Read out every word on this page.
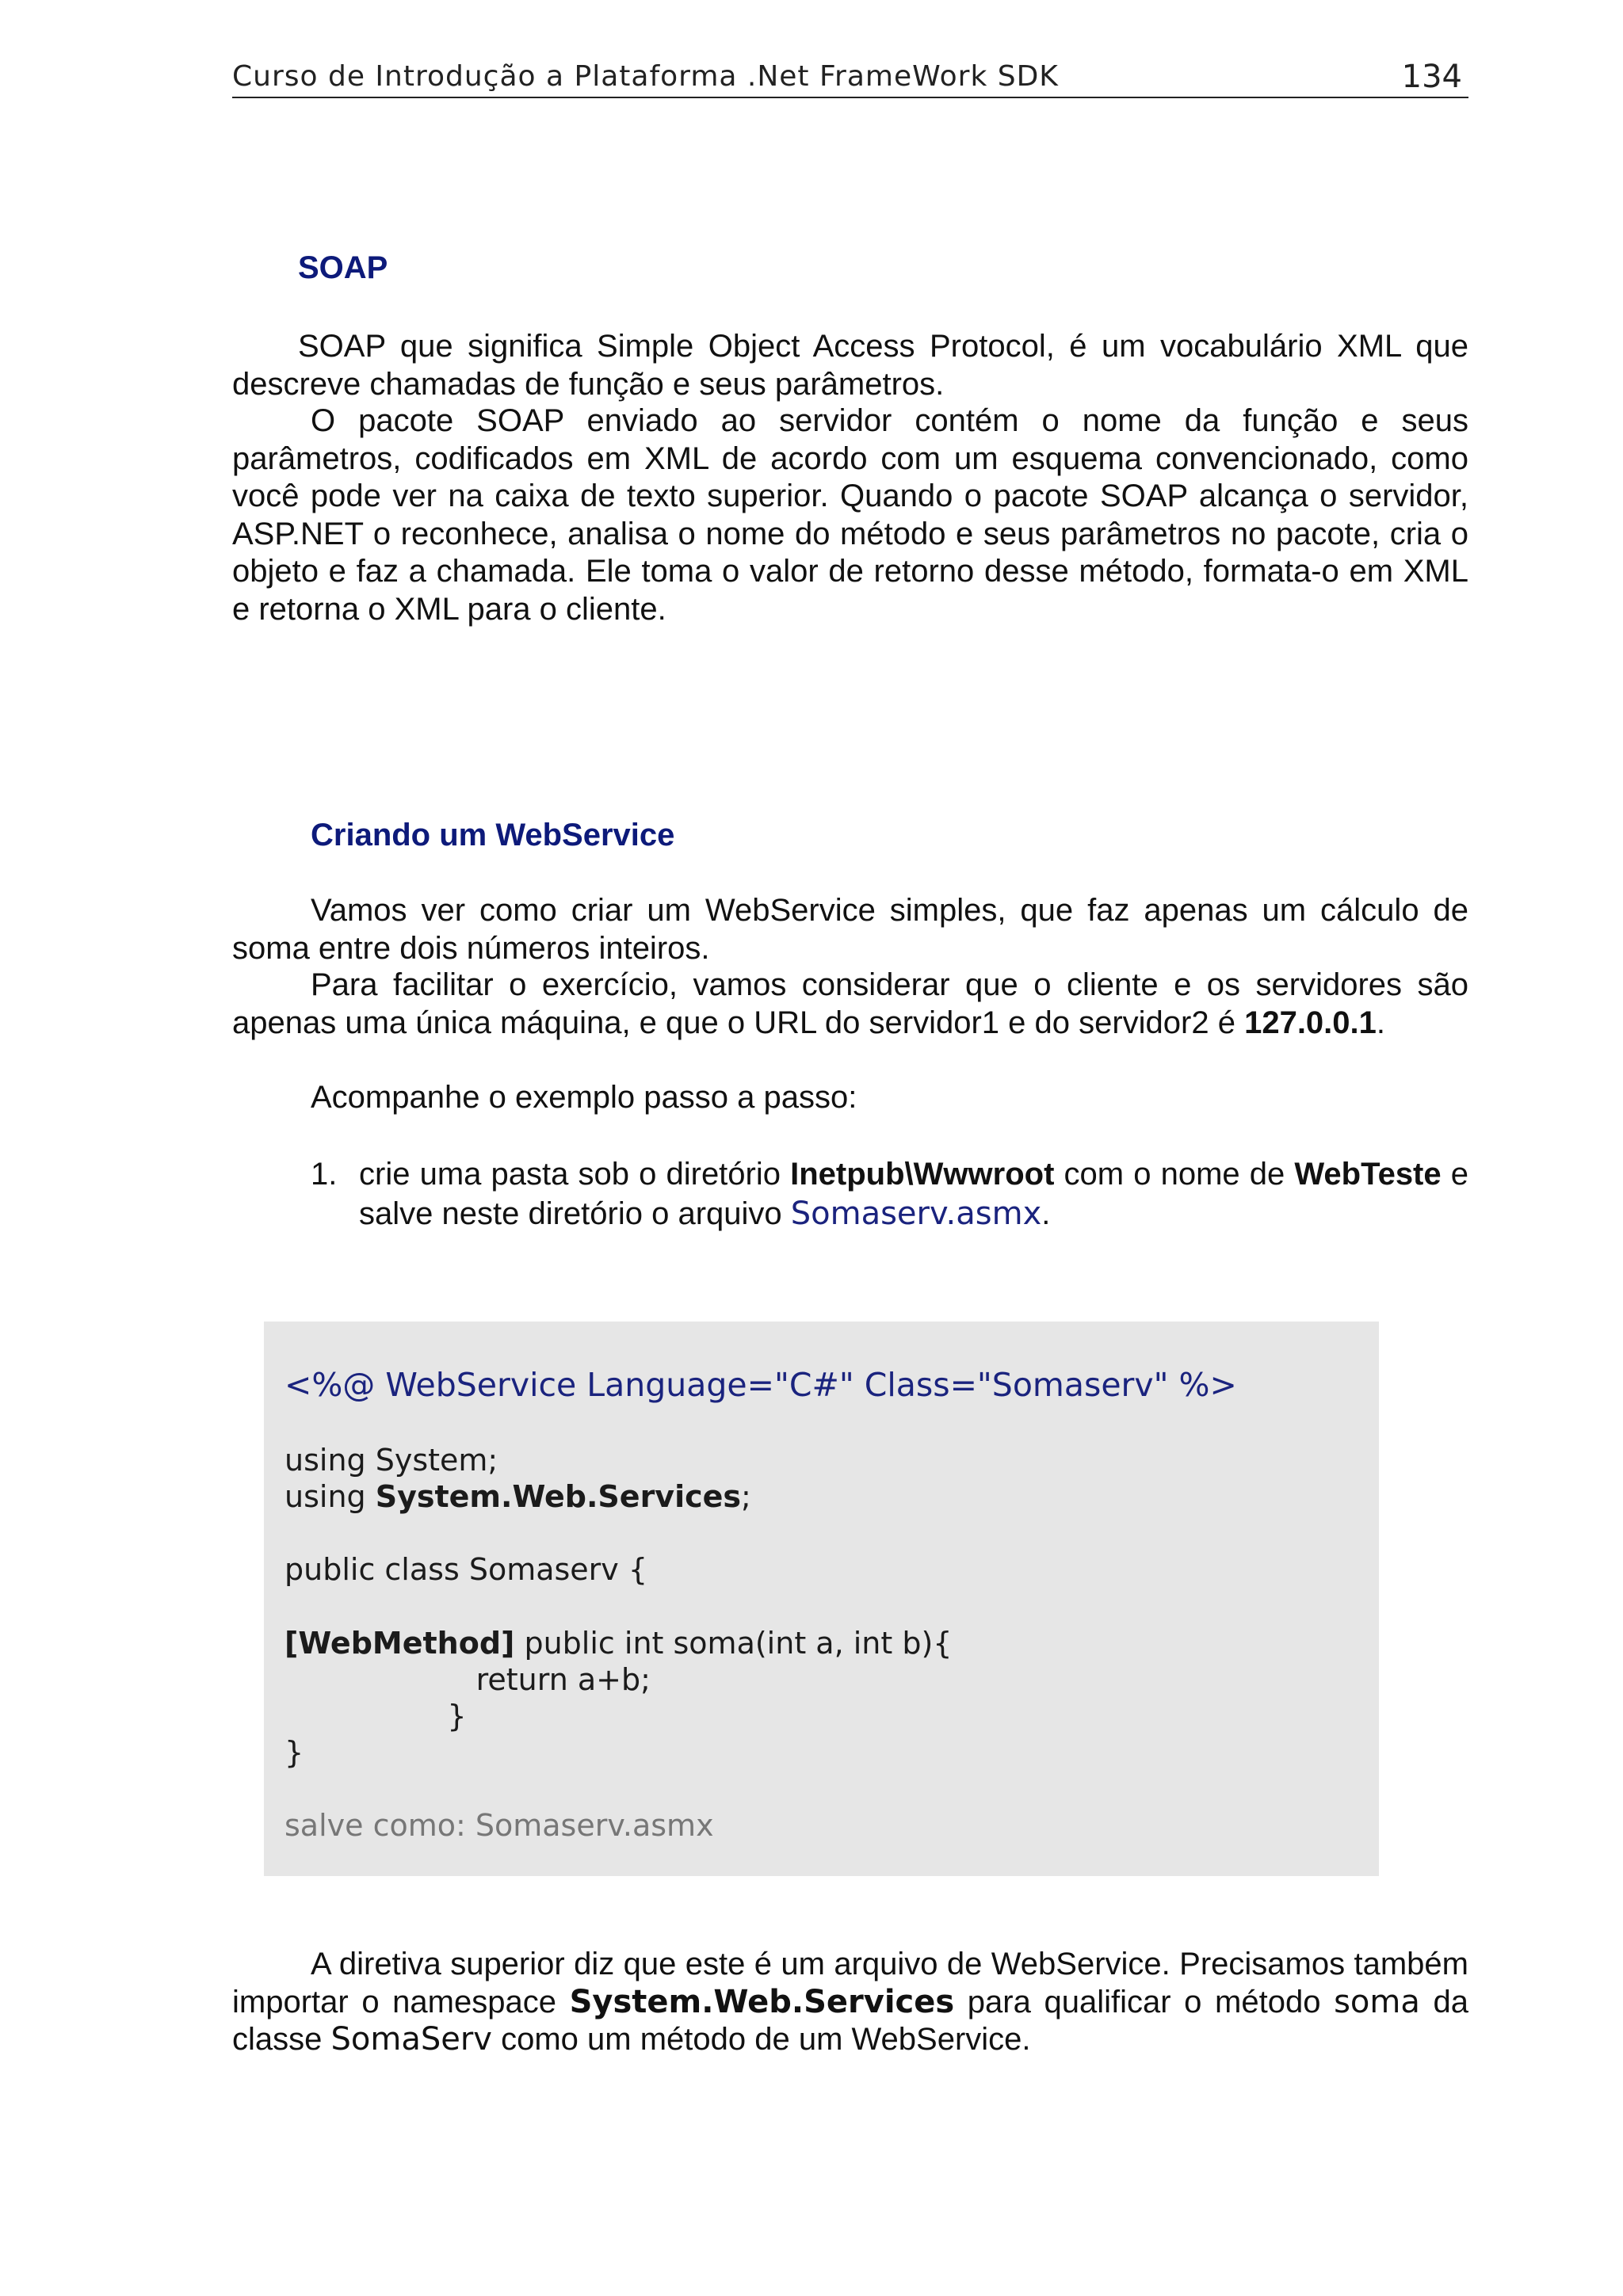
Curso de Introdução a Plataforma .Net FrameWork SDK	134
SOAP
SOAP que significa Simple Object Access Protocol, é um vocabulário XML que descreve chamadas de função e seus parâmetros.
O pacote SOAP enviado ao servidor contém o nome da função e seus parâmetros, codificados em XML de acordo com um esquema convencionado, como você pode ver na caixa de texto superior. Quando o pacote SOAP alcança o servidor, ASP.NET o reconhece, analisa o nome do método e seus parâmetros no pacote, cria o objeto e faz a chamada. Ele toma o valor de retorno desse método, formata-o em XML e retorna o XML para o cliente.
Criando um WebService
Vamos ver como criar um WebService simples, que faz apenas um cálculo de soma entre dois números inteiros.
Para facilitar o exercício, vamos considerar que o cliente e os servidores são apenas uma única máquina, e que o URL do servidor1 e do servidor2 é 127.0.0.1.
Acompanhe o exemplo passo a passo:
1. crie uma pasta sob o diretório Inetpub\Wwwroot com o nome de WebTeste e salve neste diretório o arquivo Somaserv.asmx.
<%@ WebService Language="C#" Class="Somaserv" %>
using System;
using System.Web.Services;
public class Somaserv {
[WebMethod] public int soma(int a, int b){
return a+b;
}
}
salve como: Somaserv.asmx
A diretiva superior diz que este é um arquivo de WebService. Precisamos também importar o namespace System.Web.Services para qualificar o método soma da classe SomaServ como um método de um WebService.
